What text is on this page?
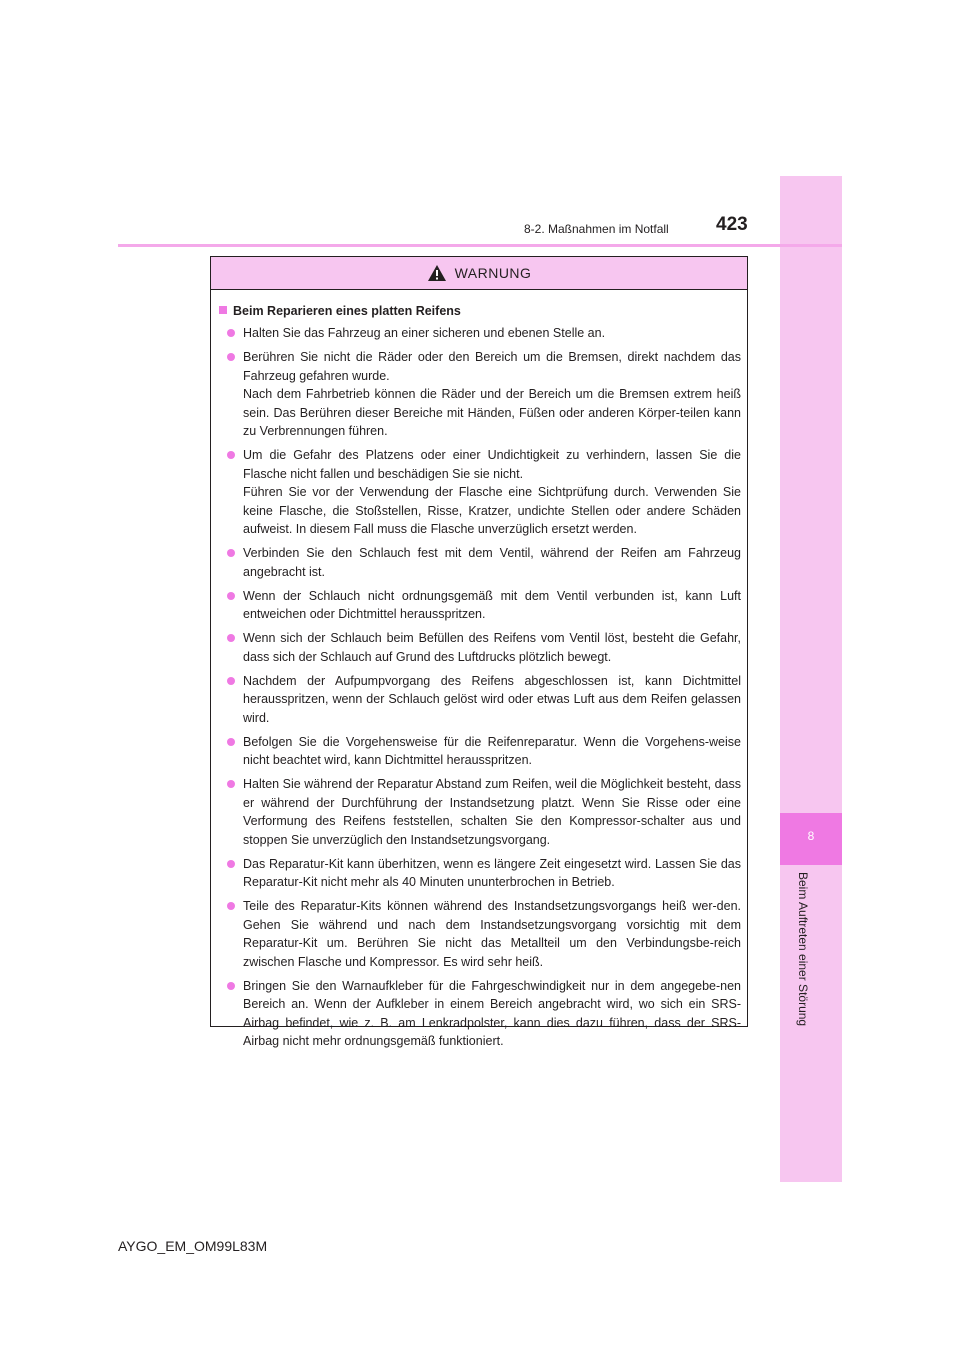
8
Beim Auftreten einer Störung
8-2. Maßnahmen im Notfall 423
WARNUNG
Beim Reparieren eines platten Reifens

Halten Sie das Fahrzeug an einer sicheren und ebenen Stelle an.

Berühren Sie nicht die Räder oder den Bereich um die Bremsen, direkt nachdem das Fahrzeug gefahren wurde.

Nach dem Fahrbetrieb können die Räder und der Bereich um die Bremsen extrem heiß sein. Das Berühren dieser Bereiche mit Händen, Füßen oder anderen Körper-teilen kann zu Verbrennungen führen.

Um die Gefahr des Platzens oder einer Undichtigkeit zu verhindern, lassen Sie die Flasche nicht fallen und beschädigen Sie sie nicht.

Führen Sie vor der Verwendung der Flasche eine Sichtprüfung durch. Verwenden Sie keine Flasche, die Stoßstellen, Risse, Kratzer, undichte Stellen oder andere Schäden aufweist. In diesem Fall muss die Flasche unverzüglich ersetzt werden.

Verbinden Sie den Schlauch fest mit dem Ventil, während der Reifen am Fahrzeug angebracht ist.

Wenn der Schlauch nicht ordnungsgemäß mit dem Ventil verbunden ist, kann Luft entweichen oder Dichtmittel herausspritzen.

Wenn sich der Schlauch beim Befüllen des Reifens vom Ventil löst, besteht die Gefahr, dass sich der Schlauch auf Grund des Luftdrucks plötzlich bewegt.

Nachdem der Aufpumpvorgang des Reifens abgeschlossen ist, kann Dichtmittel herausspritzen, wenn der Schlauch gelöst wird oder etwas Luft aus dem Reifen gelassen wird.

Befolgen Sie die Vorgehensweise für die Reifenreparatur. Wenn die Vorgehens-weise nicht beachtet wird, kann Dichtmittel herausspritzen.

Halten Sie während der Reparatur Abstand zum Reifen, weil die Möglichkeit besteht, dass er während der Durchführung der Instandsetzung platzt. Wenn Sie Risse oder eine Verformung des Reifens feststellen, schalten Sie den Kompressor-schalter aus und stoppen Sie unverzüglich den Instandsetzungsvorgang.

Das Reparatur-Kit kann überhitzen, wenn es längere Zeit eingesetzt wird. Lassen Sie das Reparatur-Kit nicht mehr als 40 Minuten ununterbrochen in Betrieb.

Teile des Reparatur-Kits können während des Instandsetzungsvorgangs heiß wer-den. Gehen Sie während und nach dem Instandsetzungsvorgang vorsichtig mit dem Reparatur-Kit um. Berühren Sie nicht das Metallteil um den Verbindungsbe-reich zwischen Flasche und Kompressor. Es wird sehr heiß.

Bringen Sie den Warnaufkleber für die Fahrgeschwindigkeit nur in dem angegebe-nen Bereich an. Wenn der Aufkleber in einem Bereich angebracht wird, wo sich ein SRS-Airbag befindet, wie z. B. am Lenkradpolster, kann dies dazu führen, dass der SRS-Airbag nicht mehr ordnungsgemäß funktioniert.

AYGO_EM_OM99L83M
